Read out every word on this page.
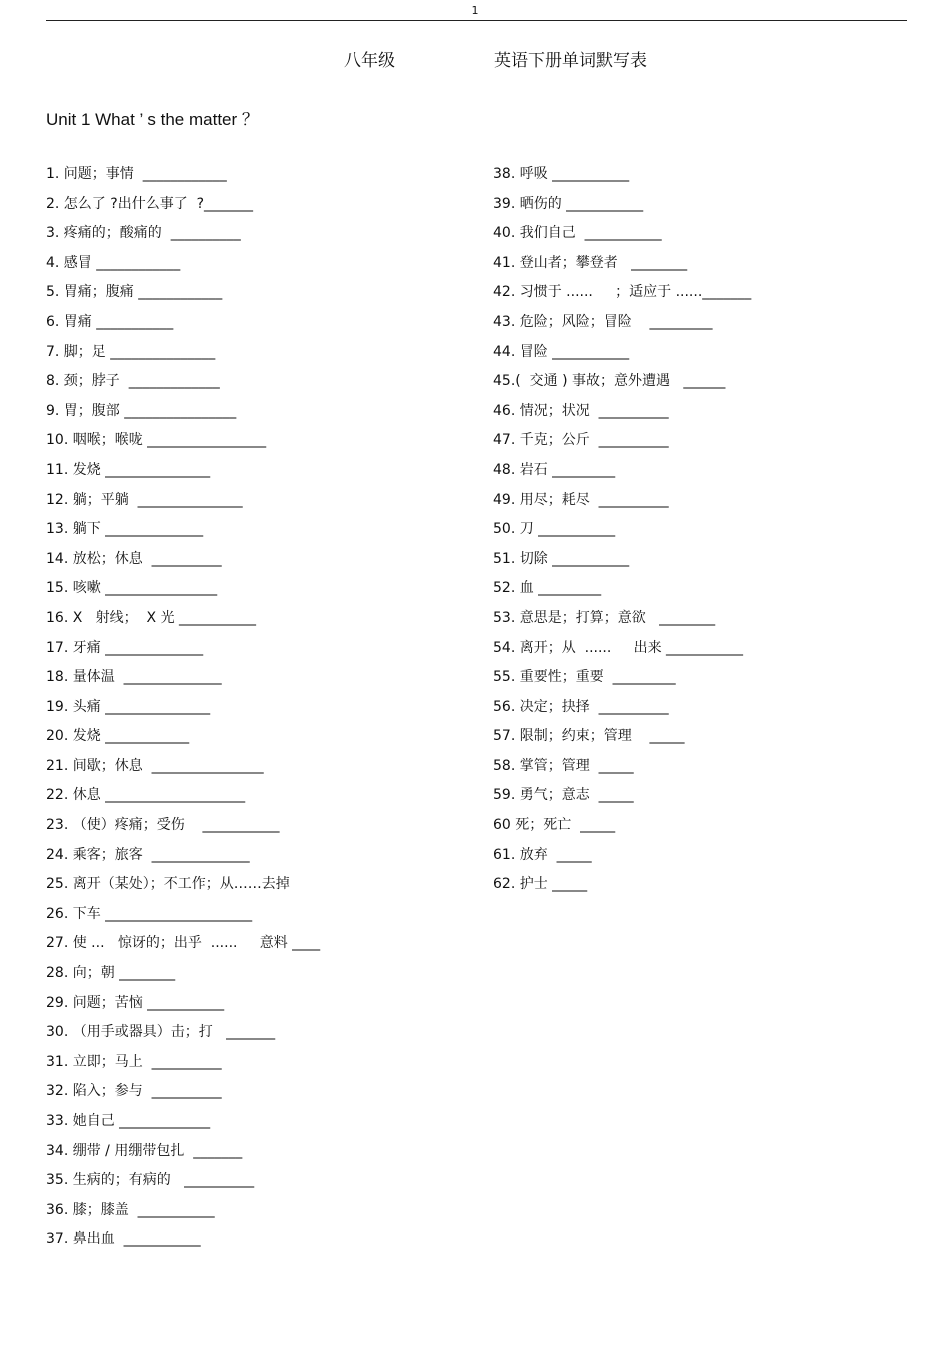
1
八年级	英语下册单词默写表
Unit 1 What ’ s the matter ？
1. 问题；事情  ____________
2. 怎么了 ?出什么事了  ?_______
3. 疼痛的；酸痛的  __________
4. 感冒 ____________
5. 胃痛；腹痛 ____________
6. 胃痛 ___________
7. 脚；足 _______________
8. 颈；脖子  _____________
9. 胃；腹部 ________________
10. 咽喉；喉咙 _________________
11. 发烧 _______________
12. 躺；平躺  _______________
13. 躺下 ______________
14. 放松；休息  __________
15. 咳嗽 ________________
16. X   射线；  X 光 ___________
17. 牙痛 ______________
18. 量体温  ______________
19. 头痛 _______________
20. 发烧 ____________
21. 间歇；休息  ________________
22. 休息 ____________________
23. （使）疼痛；受伤    ___________
24. 乘客；旅客  ______________
25. 离开（某处）；不工作；从……去掉
26. 下车 _____________________
27. 使 ...   惊讶的；出乎  ......     意料 ____
28. 向；朝 ________
29. 问题；苦恼 ___________
30. （用手或器具）击；打   _______
31. 立即；马上  __________
32. 陷入；参与  __________
33. 她自己 _____________
34. 绷带 / 用绷带包扎  _______
35. 生病的；有病的   __________
36. 膝；膝盖  ___________
37. 鼻出血  ___________
38. 呼吸 ___________
39. 晒伤的 ___________
40. 我们自己  ___________
41. 登山者；攀登者   ________
42. 习惯于 ......     ；适应于 ......_______
43. 危险；风险；冒险    _________
44. 冒险 ___________
45.(  交通 ) 事故；意外遭遇   ______
46. 情况；状况  __________
47. 千克；公斤  __________
48. 岩石 _________
49. 用尽；耗尽  __________
50. 刀 ___________
51. 切除 ___________
52. 血 _________
53. 意思是；打算；意欲   ________
54. 离开；从  ......     出来 ___________
55. 重要性；重要  _________
56. 决定；抉择  __________
57. 限制；约束；管理    _____
58. 掌管；管理  _____
59. 勇气；意志  _____
60 死；死亡  _____
61. 放弃  _____
62. 护士 _____
